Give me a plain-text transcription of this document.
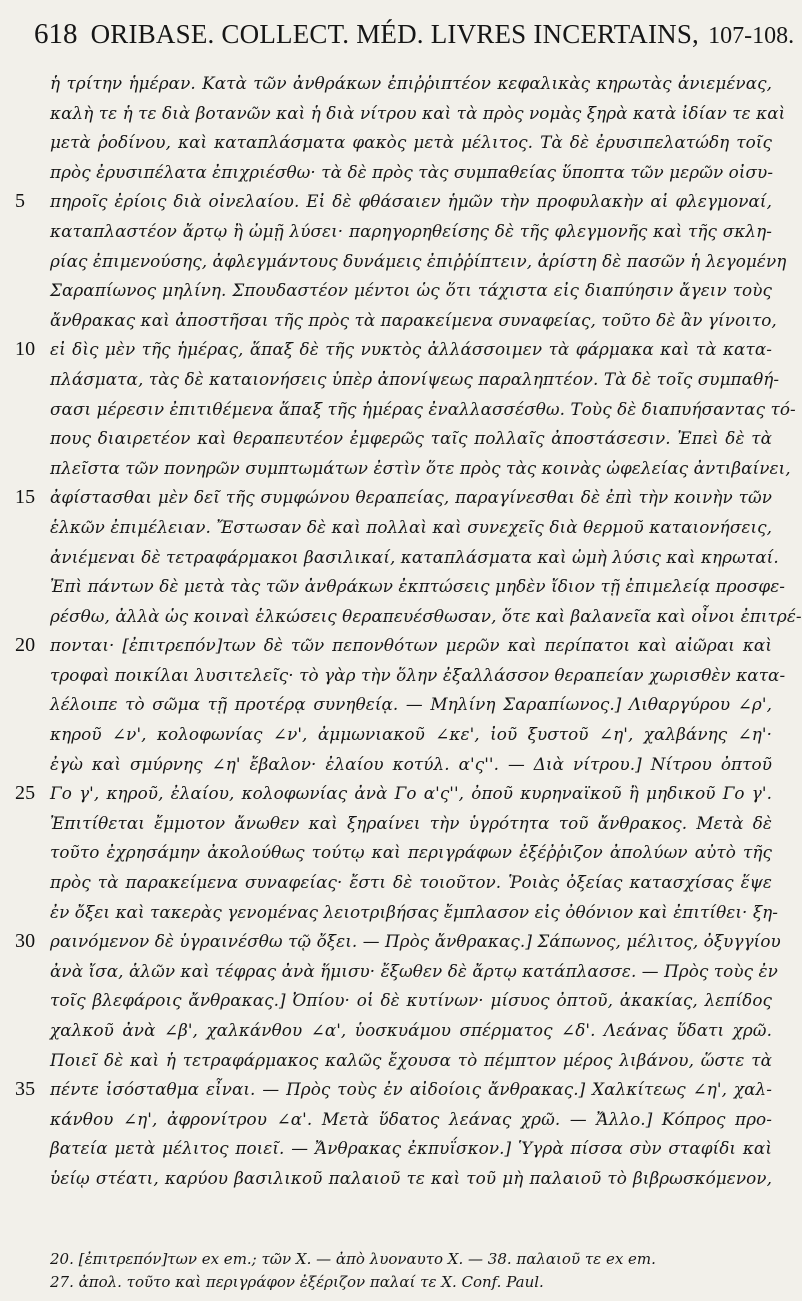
618 ORIBASE. COLLECT. MÉD. LIVRES INCERTAINS, 107-108.
ἡ τρίτην ἡμέραν. Κατὰ τῶν ἀνθράκων ἐπιῤῥιπτέον κεφαλικὰς κηρωτὰς ἀνιεμένας,
καλὴ τε ἡ τε διὰ βοτανῶν καὶ ἡ διὰ νίτρου καὶ τὰ πρὸς νομὰς ξηρὰ κατὰ ἰδίαν τε καὶ
μετὰ ῥοδίνου, καὶ καταπλάσματα φακὸς μετὰ μέλιτος. Τὰ δὲ ἐρυσιπελατώδη τοῖς
πρὸς ἐρυσιπέλατα ἐπιχριέσθω· τὰ δὲ πρὸς τὰς συμπαθείας ὕποπτα τῶν μερῶν οἰσυ-
5	πηροῖς ἐρίοις διὰ οἰνελαίου. Εἰ δὲ φθάσαιεν ἡμῶν τὴν προφυλακὴν αἱ φλεγμοναί,
καταπλαστέον ἄρτῳ ἢ ὠμῇ λύσει· παρηγορηθείσης δὲ τῆς φλεγμονῆς καὶ τῆς σκλη-
ρίας ἐπιμενούσης, ἀφλεγμάντους δυνάμεις ἐπιῤῥίπτειν, ἀρίστη δὲ πασῶν ἡ λεγομένη
Σαραπίωνος μηλίνη. Σπουδαστέον μέντοι ὡς ὅτι τάχιστα εἰς διαπύησιν ἄγειν τοὺς
ἄνθρακας καὶ ἀποστῆσαι τῆς πρὸς τὰ παρακείμενα συναφείας, τοῦτο δὲ ἂν γίνοιτο,
10 εἰ δὶς μὲν τῆς ἡμέρας, ἅπαξ δὲ τῆς νυκτὸς ἀλλάσσοιμεν τὰ φάρμακα καὶ τὰ κατα-
πλάσματα, τὰς δὲ καταιονήσεις ὑπὲρ ἀπονίψεως παραληπτέον. Τὰ δὲ τοῖς συμπαθή-
σασι μέρεσιν ἐπιτιθέμενα ἅπαξ τῆς ἡμέρας ἐναλλασσέσθω. Τοὺς δὲ διαπυήσαντας τό-
πους διαιρετέον καὶ θεραπευτέον ἐμφερῶς ταῖς πολλαῖς ἀποστάσεσιν. Ἐπεὶ δὲ τὰ
πλεῖστα τῶν πονηρῶν συμπτωμάτων ἐστὶν ὅτε πρὸς τὰς κοινὰς ὠφελείας ἀντιβαίνει,
15 ἀφίστασθαι μὲν δεῖ τῆς συμφώνου θεραπείας, παραγίνεσθαι δὲ ἐπὶ τὴν κοινὴν τῶν
ἑλκῶν ἐπιμέλειαν. Ἔστωσαν δὲ καὶ πολλαὶ καὶ συνεχεῖς διὰ θερμοῦ καταιονήσεις,
ἀνιέμεναι δὲ τετραφάρμακοι βασιλικαί, καταπλάσματα καὶ ὠμὴ λύσις καὶ κηρωταί.
Ἐπὶ πάντων δὲ μετὰ τὰς τῶν ἀνθράκων ἐκπτώσεις μηδὲν ἴδιον τῇ ἐπιμελείᾳ προσφε-
ρέσθω, ἀλλὰ ὡς κοιναὶ ἑλκώσεις θεραπευέσθωσαν, ὅτε καὶ βαλανεῖα καὶ οἶνοι ἐπιτρέ-
20 πονται· [ἐπιτρεπόν]των δὲ τῶν πεπονθότων μερῶν καὶ περίπατοι καὶ αἰῶραι καὶ
τροφαὶ ποικίλαι λυσιτελεῖς· τὸ γὰρ τὴν ὅλην ἐξαλλάσσον θεραπείαν χωρισθὲν κατα-
λέλοιπε τὸ σῶμα τῇ προτέρᾳ συνηθείᾳ. — Μηλίνη Σαραπίωνος.] Λιθαργύρου ∠ρ',
κηροῦ ∠ν', κολοφωνίας ∠ν', ἀμμωνιακοῦ ∠κε', ἰοῦ ξυστοῦ ∠η', χαλβάνης ∠η'·
ἐγὼ καὶ σμύρνης ∠η' ἔβαλον· ἐλαίου κοτύλ. α'ς''. — Διὰ νίτρου.] Νίτρου ὀπτοῦ
25 Γο γ', κηροῦ, ἐλαίου, κολοφωνίας ἀνὰ Γο α'ς'', ὀποῦ κυρηναϊκοῦ ἢ μηδικοῦ Γο γ'.
Ἐπιτίθεται ἔμμοτον ἄνωθεν καὶ ξηραίνει τὴν ὑγρότητα τοῦ ἄνθρακος. Μετὰ δὲ
τοῦτο ἐχρησάμην ἀκολούθως τούτῳ καὶ περιγράφων ἐξέῤῥιζον ἀπολύων αὐτὸ τῆς
πρὸς τὰ παρακείμενα συναφείας· ἔστι δὲ τοιοῦτον. Ῥοιὰς ὀξείας κατασχίσας ἕψε
ἐν ὄξει καὶ τακερὰς γενομένας λειοτριβήσας ἔμπλασον εἰς ὀθόνιον καὶ ἐπιτίθει· ξη-
30 ραινόμενον δὲ ὑγραινέσθω τῷ ὄξει. — Πρὸς ἄνθρακας.] Σάπωνος, μέλιτος, ὀξυγγίου
ἀνὰ ἴσα, ἁλῶν καὶ τέφρας ἀνὰ ἥμισυ· ἔξωθεν δὲ ἄρτῳ κατάπλασσε. — Πρὸς τοὺς ἐν
τοῖς βλεφάροις ἄνθρακας.] Ὀπίου· οἱ δὲ κυτίνων· μίσυος ὀπτοῦ, ἀκακίας, λεπίδος
χαλκοῦ ἀνὰ ∠β', χαλκάνθου ∠α', ὑοσκυάμου σπέρματος ∠δ'. Λεάνας ὕδατι χρῶ.
Ποιεῖ δὲ καὶ ἡ τετραφάρμακος καλῶς ἔχουσα τὸ πέμπτον μέρος λιβάνου, ὥστε τὰ
35 πέντε ἰσόσταθμα εἶναι. — Πρὸς τοὺς ἐν αἰδοίοις ἄνθρακας.] Χαλκίτεως ∠η', χαλ-
κάνθου ∠η', ἀφρονίτρου ∠α'. Μετὰ ὕδατος λεάνας χρῶ. — Ἄλλο.] Κόπρος προ-
βατεία μετὰ μέλιτος ποιεῖ. — Ἄνθρακας ἐκπυΐσκον.] Ὑγρὰ πίσσα σὺν σταφίδι καὶ
ὑείῳ στέατι, καρύου βασιλικοῦ παλαιοῦ τε καὶ τοῦ μὴ παλαιοῦ τὸ βιβρωσκόμενον,
20. [ἐπιτρεπόν]των ex em.; τῶν X. — ἀπὸ λυοναυτο X. — 38. παλαιοῦ τε ex em.
27. ἀπολ. τοῦτο καὶ περιγράφον ἐξέριζον παλαί τε X. Conf. Paul.
